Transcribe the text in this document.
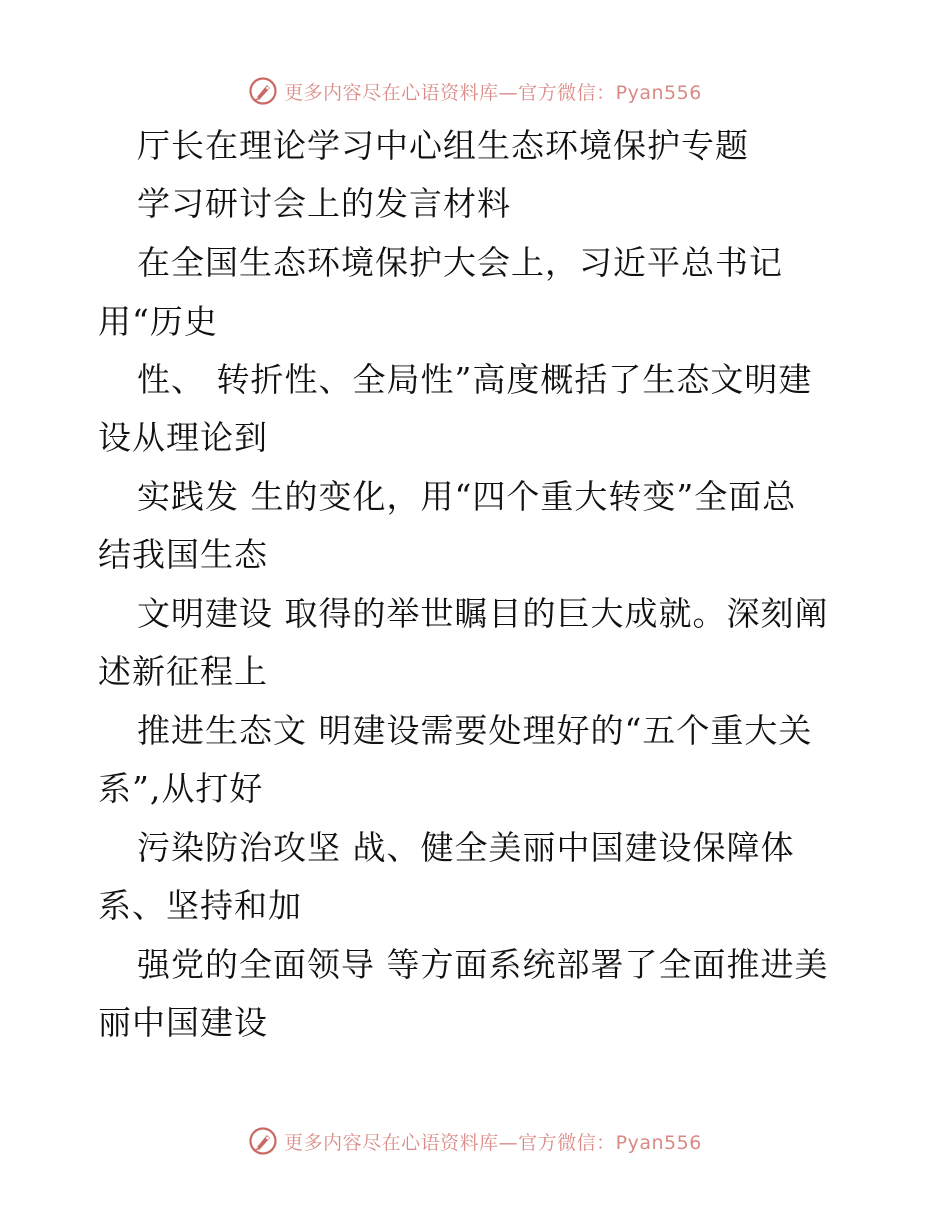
更多内容尽在心语资料库—官方微信：Pyan556
厅长在理论学习中心组生态环境保护专题
学习研讨会上的发言材料
在全国生态环境保护大会上，习近平总书记
用“历史
性、 转折性、全局性”高度概括了生态文明建
设从理论到
实践发 生的变化，用“四个重大转变”全面总
结我国生态
文明建设 取得的举世瞩目的巨大成就。深刻阐
述新征程上
推进生态文 明建设需要处理好的“五个重大关
系”,从打好
污染防治攻坚 战、健全美丽中国建设保障体
系、坚持和加
强党的全面领导 等方面系统部署了全面推进美
丽中国建设
更多内容尽在心语资料库—官方微信：Pyan556
